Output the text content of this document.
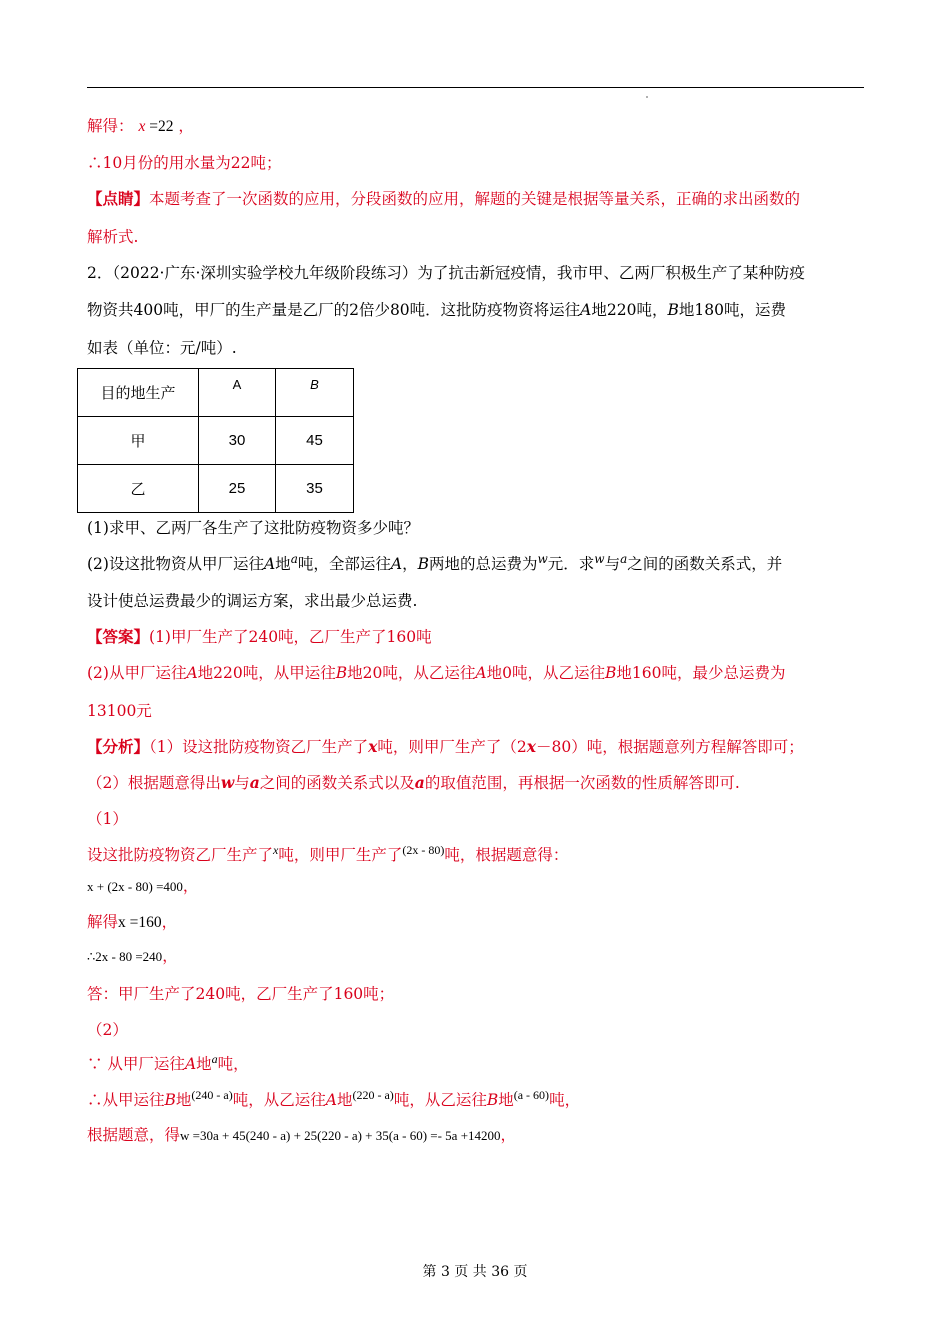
解得： x =22 ，
∴10月份的用水量为22吨；
【点睛】本题考查了一次函数的应用，分段函数的应用，解题的关键是根据等量关系，正确的求出函数的
解析式.
2．（2022·广东·深圳实验学校九年级阶段练习）为了抗击新冠疫情，我市甲、乙两厂积极生产了某种防疫
物资共400吨，甲厂的生产量是乙厂的2倍少80吨．这批防疫物资将运往A地220吨，B地180吨，运费
如表（单位：元/吨）.
目的地生产	A	B
甲	30	45
乙	25	35
(1)求甲、乙两厂各生产了这批防疫物资多少吨？
(2)设这批物资从甲厂运往A地$^a$吨，全部运往A，B两地的总运费为$^w$元．求$^w$与$^a$之间的函数关系式，并
设计使总运费最少的调运方案，求出最少总运费.
【答案】(1)甲厂生产了240吨，乙厂生产了160吨
(2)从甲厂运往A地220吨，从甲运往B地20吨，从乙运往A地0吨，从乙运往B地160吨，最少总运费为
13100元
【分析】（1）设这批防疫物资乙厂生产了x吨，则甲厂生产了（2x－80）吨，根据题意列方程解答即可；
（2）根据题意得出w与a之间的函数关系式以及a的取值范围，再根据一次函数的性质解答即可.
（1）
设这批防疫物资乙厂生产了$^x$吨，则甲厂生产了$^{(2x - 80)}$吨，根据题意得：
x + (2x - 80) =400，
解得x =160，
∴2x - 80 =240，
答：甲厂生产了240吨，乙厂生产了160吨；
（2）
∵ 从甲厂运往A地$^a$吨，
∴从甲运往B地$^{(240 - a)}$吨，从乙运往A地$^{(220 - a)}$吨，从乙运往B地$^{(a - 60)}$吨，
根据题意，得w =30a + 45(240 - a) + 25(220 - a) + 35(a - 60) =- 5a +14200，
第 3 页 共 36 页
